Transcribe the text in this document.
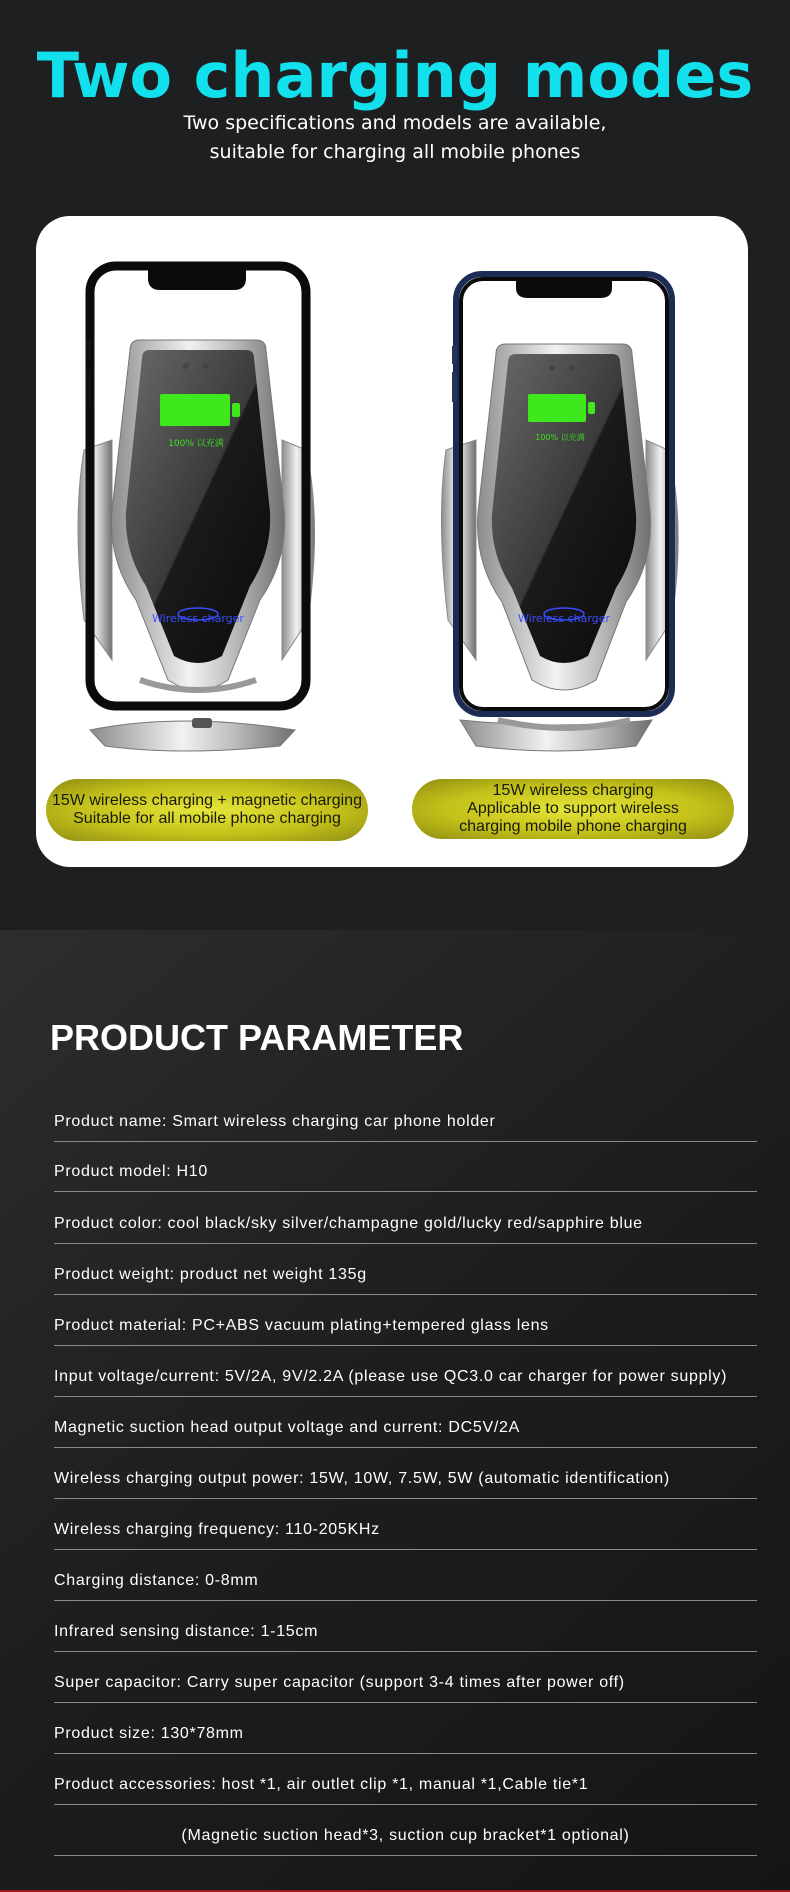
Two charging modes
Two specifications and models are available,
suitable for charging all mobile phones
100% 以充满
Wireless charger
15W wireless charging + magnetic charging
Suitable for all mobile phone charging
100% 以充满
Wireless charger
15W wireless charging
Applicable to support wireless
charging mobile phone charging
PRODUCT PARAMETER
Product name: Smart wireless charging car phone holder
Product model: H10
Product color: cool black/sky silver/champagne gold/lucky red/sapphire blue
Product weight: product net weight 135g
Product material: PC+ABS vacuum plating+tempered glass lens
Input voltage/current: 5V/2A, 9V/2.2A (please use QC3.0 car charger for power supply)
Magnetic suction head output voltage and current: DC5V/2A
Wireless charging output power: 15W, 10W, 7.5W, 5W (automatic identification)
Wireless charging frequency: 110-205KHz
Charging distance: 0-8mm
Infrared sensing distance: 1-15cm
Super capacitor: Carry super capacitor (support 3-4 times after power off)
Product size: 130*78mm
Product accessories: host *1, air outlet clip *1, manual *1,Cable tie*1
(Magnetic suction head*3, suction cup bracket*1 optional)
